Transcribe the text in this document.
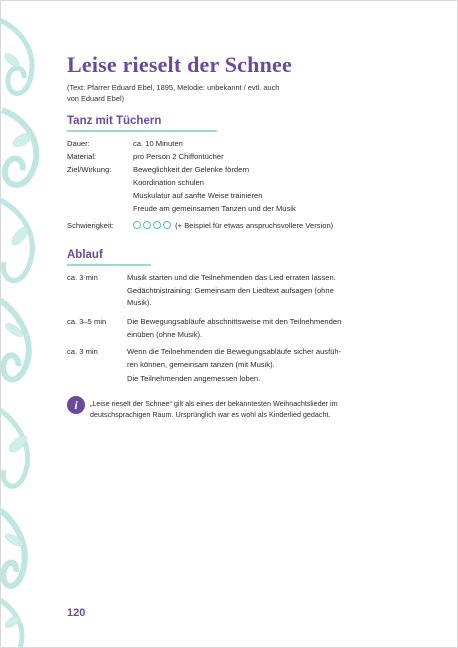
Leise rieselt der Schnee
(Text: Pfarrer Eduard Ebel, 1895, Melodie: unbekannt / evtl. auch
von Eduard Ebel)
Tanz mit Tüchern
Dauer:	ca. 10 Minuten
Material:	pro Person 2 Chiffontücher
Ziel/Wirkung:	Beweglichkeit der Gelenke fördern
Koordination schulen
Muskulatur auf sanfte Weise trainieren
Freude am gemeinsamen Tanzen und der Musik
Schwierigkeit:	(+ Beispiel für etwas anspruchsvollere Version)
Ablauf
ca. 3 min	Musik starten und die Teilnehmenden das Lied erraten lassen.
Gedächtnistraining: Gemeinsam den Liedtext aufsagen (ohne
Musik).
ca. 3–5 min	Die Bewegungsabläufe abschnittsweise mit den Teilnehmenden
einüben (ohne Musik).
ca. 3 min	Wenn die Teilnehmenden die Bewegungsabläufe sicher ausfüh-
ren können, gemeinsam tanzen (mit Musik).
Die Teilnehmenden angemessen loben.
i	„Leise rieselt der Schnee“ gilt als eines der bekanntesten Weihnachtslieder im
deutschsprachigen Raum. Ursprünglich war es wohl als Kinderlied gedacht.
120
